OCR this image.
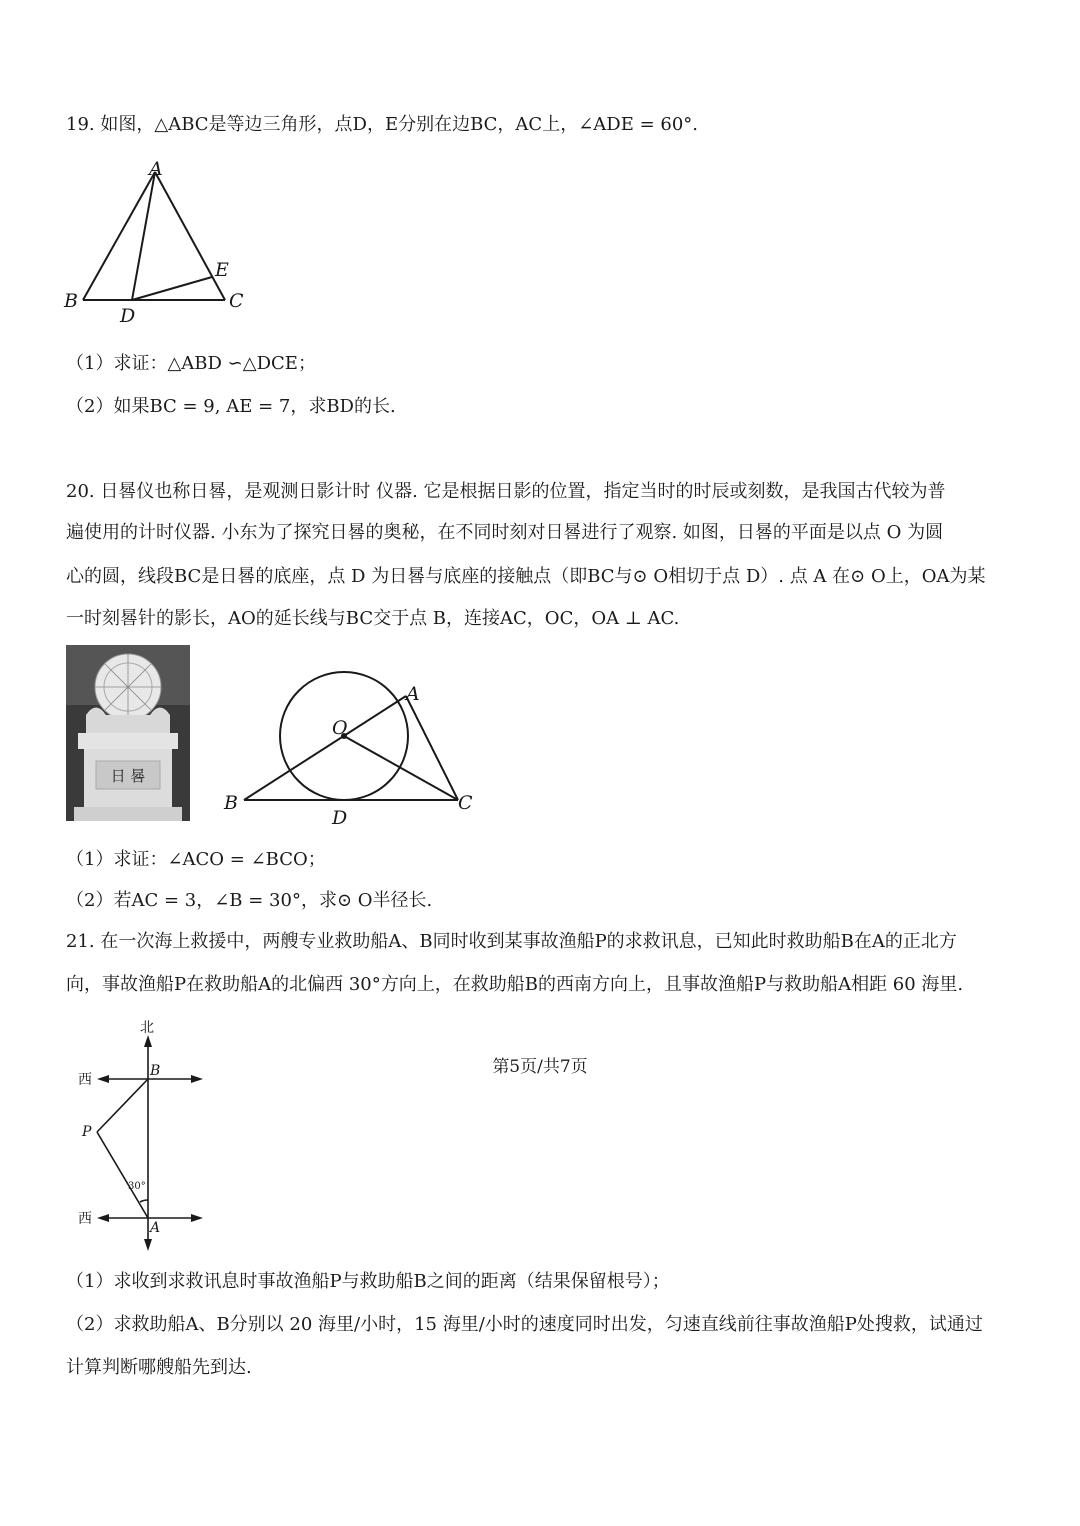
19. 如图，△ABC是等边三角形，点D，E分别在边BC，AC上，∠ADE = 60°.
A
B	C
D
E
（1）求证：△ABD ∽△DCE；
（2）如果BC = 9, AE = 7，求BD的长.
20. 日晷仪也称日晷，是观测日影计时 仪器. 它是根据日影的位置，指定当时的时辰或刻数，是我国古代较为普
遍使用的计时仪器. 小东为了探究日晷的奥秘，在不同时刻对日晷进行了观察. 如图，日晷的平面是以点 O 为圆
心的圆，线段BC是日晷的底座，点 D 为日晷与底座的接触点（即BC与⊙ O相切于点 D）. 点 A 在⊙ O上，OA为某
一时刻晷针的影长，AO的延长线与BC交于点 B，连接AC，OC，OA ⊥ AC.
日 晷
A
O
B	C
D
（1）求证：∠ACO = ∠BCO；
（2）若AC = 3，∠B = 30°，求⊙ O半径长.
21. 在一次海上救援中，两艘专业救助船A、B同时收到某事故渔船P的求救讯息，已知此时救助船B在A的正北方
向，事故渔船P在救助船A的北偏西 30°方向上，在救助船B的西南方向上，且事故渔船P与救助船A相距 60 海里.
北
西
西
B
P
A
30°
（1）求收到求救讯息时事故渔船P与救助船B之间的距离（结果保留根号）；
（2）求救助船A、B分别以 20 海里/小时，15 海里/小时的速度同时出发，匀速直线前往事故渔船P处搜救，试通过
计算判断哪艘船先到达.
第5页/共7页
